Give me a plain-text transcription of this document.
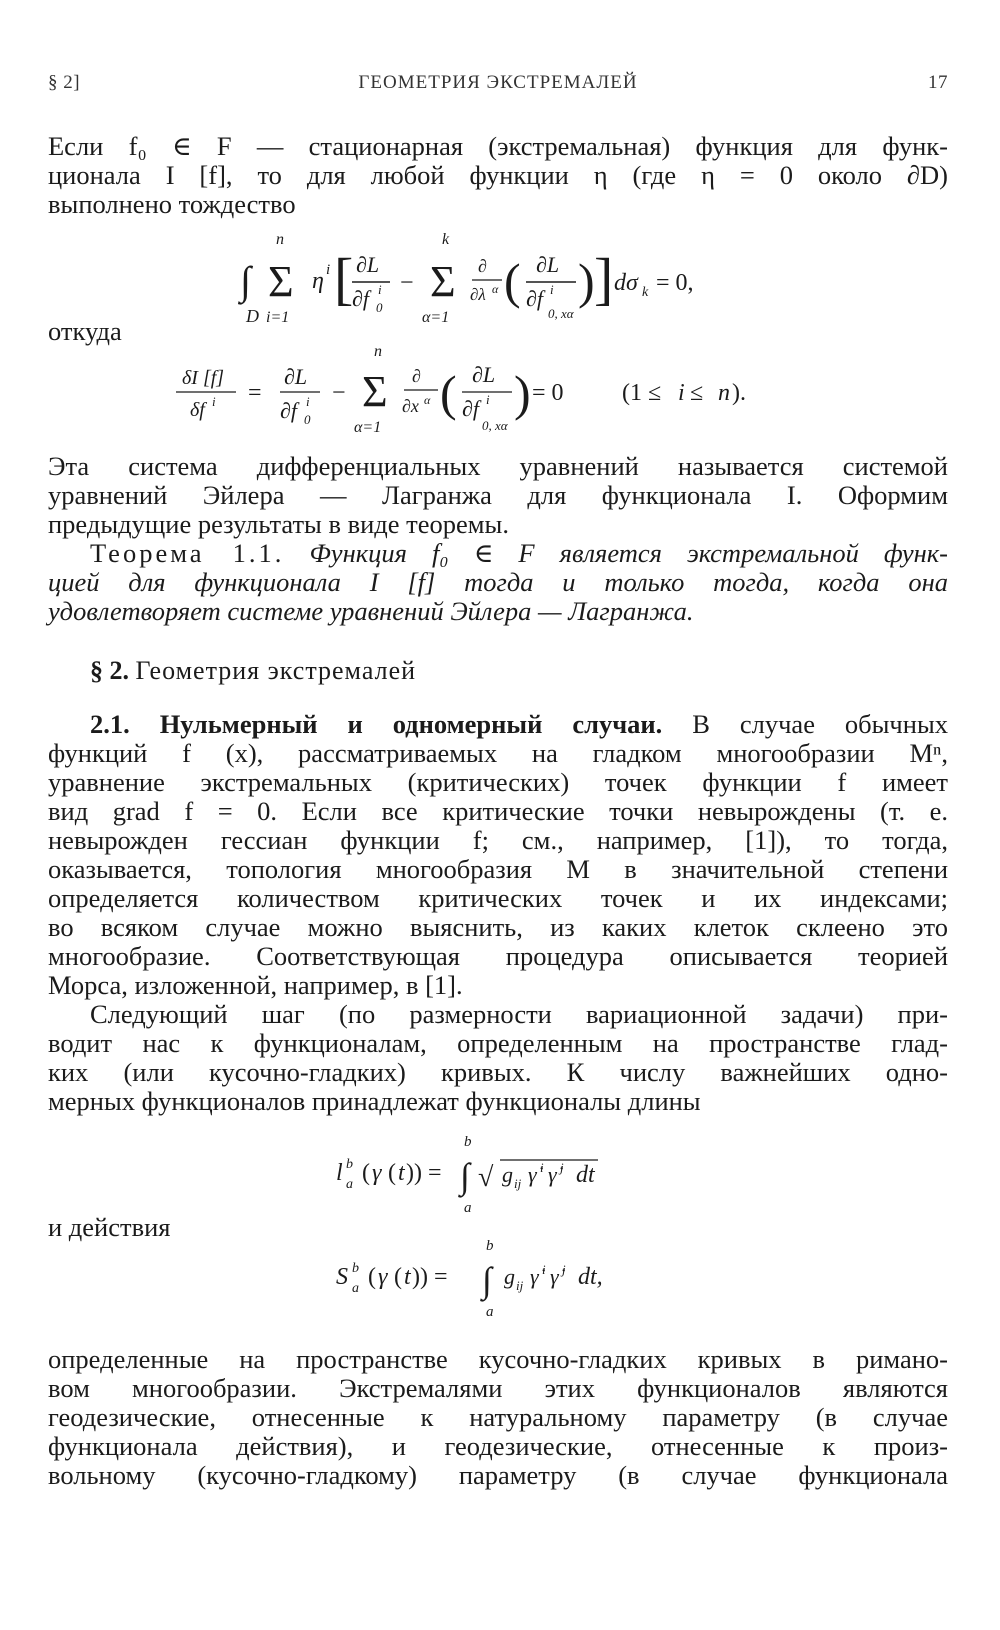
§ 2]	ГЕОМЕТРИЯ ЭКСТРЕМАЛЕЙ	17

Если f₀ ∈ F — стационарная (экстремальная) функция для функ-
ционала I [f], то для любой функции η (где η = 0 около ∂D)
выполнено тождество

∫
D
n
Σ
i=1
η i [ ∂L
∂f 0
i −
k
Σ
α=1
∂
∂λ α ( ∂L
∂f i
0, xα
) ] dσ k = 0,
откуда
δI [f]
δf i =
∂L
∂f 0
i −
n
Σ
α=1
∂
∂x α ( ∂L
∂f i
0, xα
) = 0 (1 ≤ i ≤ n ).

Эта система дифференциальных уравнений называется системой
уравнений Эйлера — Лагранжа для функционала I. Оформим
предыдущие результаты в виде теоремы.

Теорема 1.1. Функция f₀ ∈ F является экстремальной функ-
цией для функционала I [f] тогда и только тогда, когда она
удовлетворяет системе уравнений Эйлера — Лагранжа.

§ 2. Геометрия экстремалей

2.1. Нульмерный и одномерный случаи. В случае обычных
функций f (x), рассматриваемых на гладком многообразии Mⁿ,
уравнение экстремальных (критических) точек функции f имеет
вид grad f = 0. Если все критические точки невырождены (т. е.
невырожден гессиан функции f; см., например, [1]), то тогда,
оказывается, топология многообразия M в значительной степени
определяется количеством критических точек и их индексами;
во всяком случае можно выяснить, из каких клеток склеено это
многообразие. Соответствующая процедура описывается теорией
Морса, изложенной, например, в [1].

Следующий шаг (по размерности вариационной задачи) при-
водит нас к функционалам, определенным на пространстве глад-
ких (или кусочно-гладких) кривых. К числу важнейших одно-
мерных функционалов принадлежат функционалы длины

l b
a ( γ ( t )) =
b
∫
a
√ g ij γ̇ i γ̇ j dt
и действия
S b
a ( γ ( t )) =
b
∫
a
g ij γ̇ i γ̇ j dt,

определенные на пространстве кусочно-гладких кривых в римано-
вом многообразии. Экстремалями этих функционалов являются
геодезические, отнесенные к натуральному параметру (в случае
функционала действия), и геодезические, отнесенные к произ-
вольному (кусочно-гладкому) параметру (в случае функционала
